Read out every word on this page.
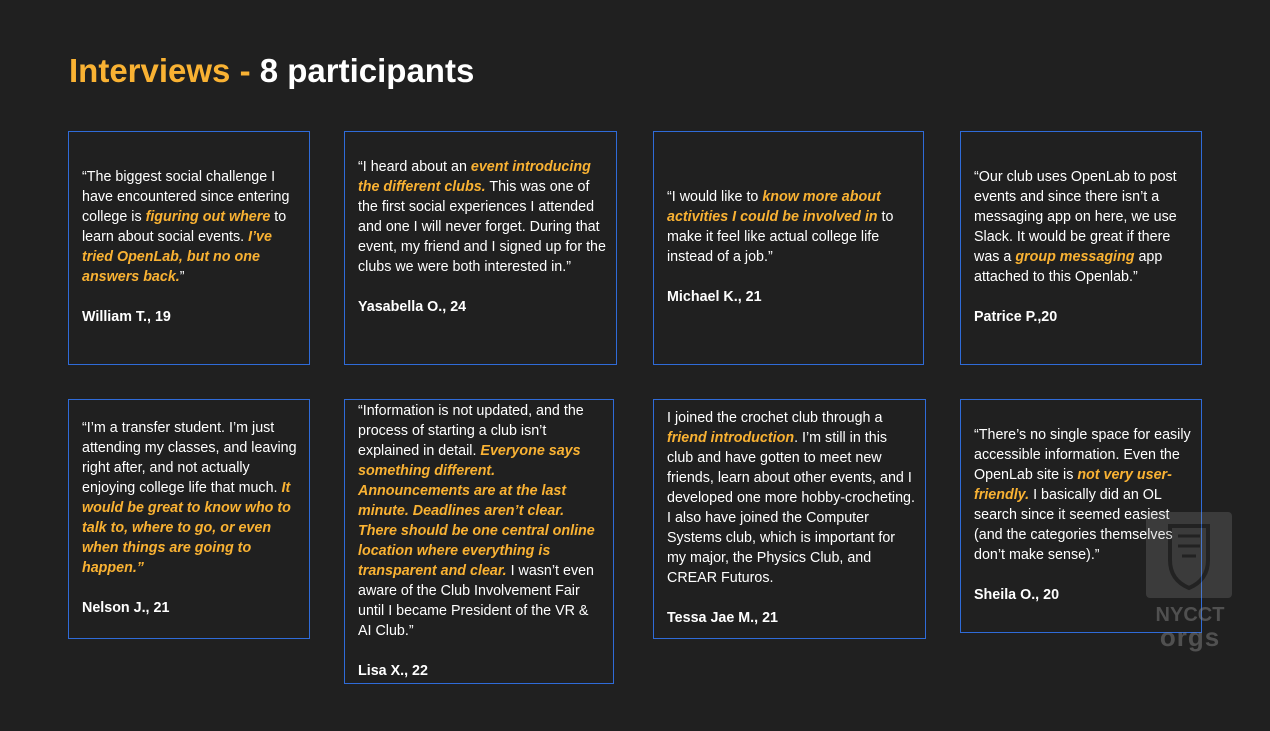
Interviews - 8 participants

“The biggest social challenge I have encountered since entering college is figuring out where to learn about social events. I’ve tried OpenLab, but no one answers back.”

William T., 19

“I heard about an event introducing the different clubs. This was one of the first social experiences I attended and one I will never forget. During that event, my friend and I signed up for the clubs we were both interested in.”

Yasabella O., 24

“I would like to know more about activities I could be involved in to make it feel like actual college life instead of a job.”

Michael K., 21

“Our club uses OpenLab to post events and since there isn’t a messaging app on here, we use Slack. It would be great if there was a group messaging app attached to this Openlab.”

Patrice P.,20

“I’m a transfer student. I’m just attending my classes, and leaving right after, and not actually enjoying college life that much. It would be great to know who to talk to, where to go, or even when things are going to happen.”

Nelson J., 21

“Information is not updated, and the process of starting a club isn’t explained in detail. Everyone says something different. Announcements are at the last minute. Deadlines aren’t clear. There should be one central online location where everything is transparent and clear. I wasn’t even aware of the Club Involvement Fair until I became President of the VR & AI Club.”

Lisa X., 22

I joined the crochet club through a friend introduction. I’m still in this club and have gotten to meet new friends, learn about other events, and I developed one more hobby-crocheting. I also have joined the Computer Systems club, which is important for my major, the Physics Club, and CREAR Futuros.

Tessa Jae M., 21

“There’s no single space for easily accessible information. Even the OpenLab site is not very user-friendly. I basically did an OL search since it seemed easiest (and the categories themselves don’t make sense).”

Sheila O., 20
NYCCT
orgs
